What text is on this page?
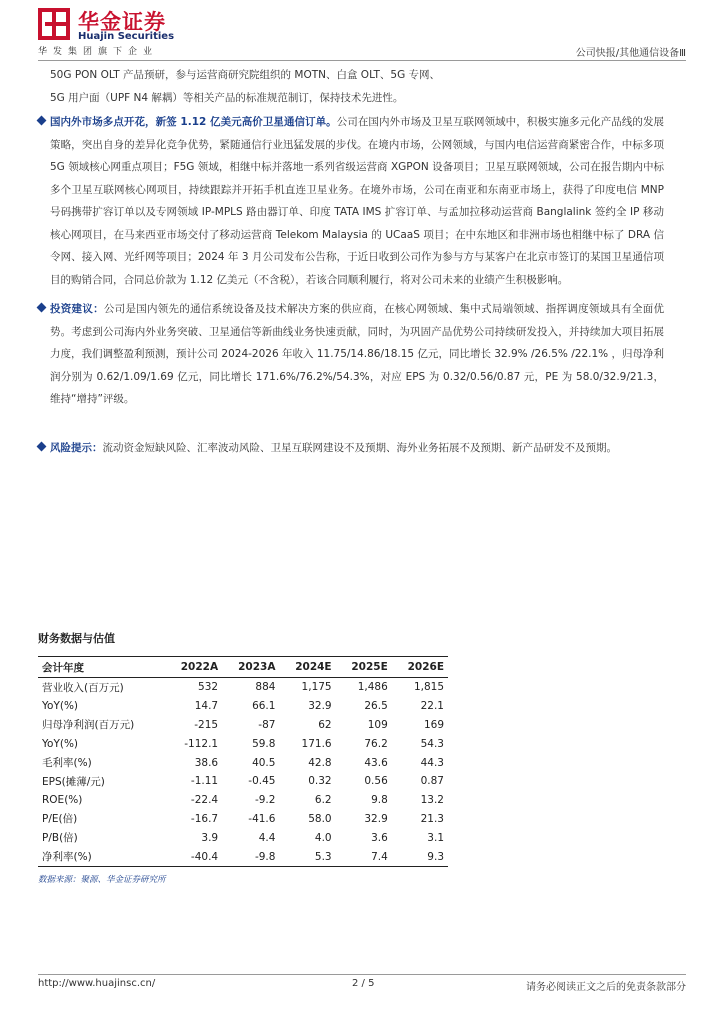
华金证券
Huajin Securities
华发集团旗下企业	公司快报/其他通信设备Ⅲ

50G PON OLT 产品预研，参与运营商研究院组织的 MOTN、白盒 OLT、5G 专网、

5G 用户面（UPF N4 解耦）等相关产品的标准规范制订，保持技术先进性。

国内外市场多点开花，新签 1.12 亿美元高价卫星通信订单。公司在国内外市场及卫星互联网领域中，积极实施多元化产品线的发展策略，突出自身的差异化竞争优势，紧随通信行业迅猛发展的步伐。在境内市场，公网领域，与国内电信运营商紧密合作，中标多项5G 领域核心网重点项目；F5G 领域，相继中标并落地一系列省级运营商 XGPON 设备项目；卫星互联网领域，公司在报告期内中标多个卫星互联网核心网项目，持续跟踪并开拓手机直连卫星业务。在境外市场，公司在南亚和东南亚市场上，获得了印度电信 MNP 号码携带扩容订单以及专网领域 IP-MPLS 路由器订单、印度 TATA IMS 扩容订单、与孟加拉移动运营商 Banglalink 签约全 IP 移动核心网项目，在马来西亚市场交付了移动运营商 Telekom Malaysia 的 UCaaS 项目；在中东地区和非洲市场也相继中标了 DRA 信令网、接入网、光纤网等项目；2024 年 3 月公司发布公告称，于近日收到公司作为参与方与某客户在北京市签订的某国卫星通信项目的购销合同，合同总价款为 1.12 亿美元（不含税），若该合同顺利履行，将对公司未来的业绩产生积极影响。

投资建议：公司是国内领先的通信系统设备及技术解决方案的供应商，在核心网领域、集中式局端领域、指挥调度领域具有全面优势。考虑到公司海内外业务突破、卫星通信等新曲线业务快速贡献，同时，为巩固产品优势公司持续研发投入，并持续加大项目拓展力度，我们调整盈利预测，预计公司 2024-2026 年收入 11.75/14.86/18.15 亿元，同比增长 32.9% /26.5% /22.1% ，归母净利润分别为 0.62/1.09/1.69 亿元，同比增长 171.6%/76.2%/54.3%，对应 EPS 为 0.32/0.56/0.87 元，PE 为 58.0/32.9/21.3，维持“增持”评级。

风险提示：流动资金短缺风险、汇率波动风险、卫星互联网建设不及预期、海外业务拓展不及预期、新产品研发不及预期。

财务数据与估值
会计年度	2022A	2023A	2024E	2025E	2026E
营业收入(百万元)	532	884	1,175	1,486	1,815
YoY(%)	14.7	66.1	32.9	26.5	22.1
归母净利润(百万元)	-215	-87	62	109	169
YoY(%)	-112.1	59.8	171.6	76.2	54.3
毛利率(%)	38.6	40.5	42.8	43.6	44.3
EPS(摊薄/元)	-1.11	-0.45	0.32	0.56	0.87
ROE(%)	-22.4	-9.2	6.2	9.8	13.2
P/E(倍)	-16.7	-41.6	58.0	32.9	21.3
P/B(倍)	3.9	4.4	4.0	3.6	3.1
净利率(%)	-40.4	-9.8	5.3	7.4	9.3
数据来源：聚源、华金证券研究所
http://www.huajinsc.cn/	2 / 5	请务必阅读正文之后的免责条款部分
